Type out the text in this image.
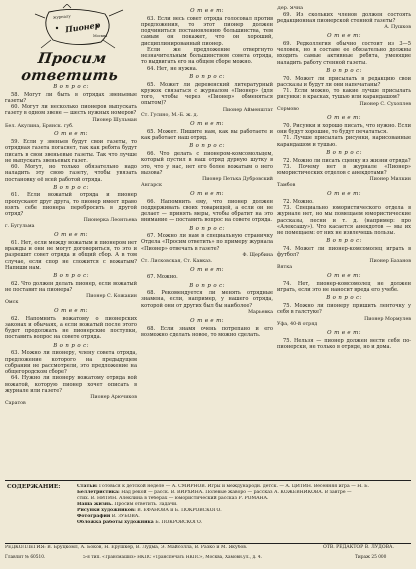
журналу
Пионер
Москва
Просим ответить
В о п р о с:
58. Могут ли быть в отрядах звеньевые газеты?
60. Могут ли несколько пионеров выпускать газету в одном звене — шесть нужных номеров?
Пионер Шульман
Бел. Акулина, Брянск. губ.
О т в е т:
59. Если у звеньев будут свои газеты, то отрядная газета погаснет, так как ребята будут писать в свои звеньевые газеты. Так что лучше не выпускать звеньевых газет.
60. Могут, но только обязательно надо наладить эту свою газету, чтобы увязать постановку её всей работой отряда.
В о п р о с:
61. Если вожатый отряда и пионер пропускают друг друга, то пионер имеет право взять себе пионера перебросить в другой отряд?
Пионерка Леонтьева
г. Бугульма
О т в е т:
61. Нет, если между вожатым и пионером нет вражды и они не могут договориться, то это и разрешит совет отряда и общий сбор. А в том случае, если спор не сложится с вожатым? Напиши нам.
В о п р о с:
62. Что должен делать пионер, если вожатый не поставит на пионера?
Пионер С. Кожакин
Омск
О т в е т:
62. Напомнить вожатому о пионерских законах и обычаях, а если вожатый после этого будет продолжать не пионерские поступки, поставить вопрос на совете отряда.
В о п р о с:
63. Можно ли пионеру, члену совета отряда, предложение которого на предыдущем собрании не рассмотрели, это предложение на общегородском сборе?
64. Нужно ли пионеру вожатому отряда вой вожатой, которую пионер хочет описать в журнале или газете?
Пионер Арючиков
Саратов
О т в е т:
63. Если весь совет отряда голосовал против предложения, то этот пионер должен подчиниться постановлению большинства, тем самым он покажет, что он хороший, дисциплинированный пионер.
Если же предложение отвергнуто незначительным большинством совета отряда, то выдвигать его на общем сборе можно.
64. Нет, не нужна.
В о п р о с:
65. Может ли деревенский литературный кружок связаться с журналом «Пионер» (для того, чтобы через «Пионер» обменяться опытом)?
Пионер Айменштат
Ст. Гусино, М.-Б. ж. д.
О т в е т:
65. Может. Пишите нам, как вы работаете и как работает наш отряд.
В о п р о с:
66. Что делать с пионером-комсомольцем, который пустил в наш отряд дурную шутку в это, что у нас, нет его более вожатым о него вызова?
Пионер Петька Дубровский
Ангарск
О т в е т:
66. Напомнить ему, что пионер должен поддерживать своих товарищей, а если он не делает — принять меры, чтобы обратит на это внимание — поставить вопрос на совете отряда.
В о п р о с:
67. Можно ли нам в специальную страничку Отдела «Просим ответить» по примеру журнала «Пионер» отвечать в газете?
Ф. Щербина
Ст. Лисковская, Ст. Кавказ.
О т в е т:
67. Можно.
В о п р о с:
68. Рекомендуется ли менять отрядные знамена, если, например, у нашего отряда, которой они от других был бы наиболее?
Марьевка
О т в е т:
68. Если знамя очень потрепано и его возможно сделать новое, то можно сделать.
Дер. Ячна
69. Из скольких членов должен состоять редакционная пионерской стенной газеты?
А. Пушков
О т в е т:
69. Редколлегия обычно состоит из 3—5 человек, но в составе ее обязательно должны входить самые активные ребята, умеющие наладить работу стенной газеты.
В о п р о с:
70. Может ли присылать в редакцию свои рассказы и будут ли они напечатаны?
71. Если можно, то какие лучше присылать рисунки: в красках, тушью или карандашом?
Пионер С. Сухоплев
Сормово
О т в е т:
70. Рисунки и хорошо писать, что нужно. Если они будут хорошие, то будут печататься.
71. Лучше присылать рисунки, нарисованные карандашом и тушью.
В о п р о с:
72. Можно ли писать сценку из жизни отряда?
73. Почему нет в журнале «Пионер» юмористических отделов с анекдотами?
Пионер Милкин
Тамбов
О т в е т:
72. Можно.
73. Специально юмористического отдела в журнале нет, но мы помещаем юмористические рассказы, песни и т. д. (например: про «Алексашу»). Что касается анекдотов — мы их не помещаем: от них не извлечешь пользы.
В о п р о с:
74. Может ли пионер-комсомолец играть в футбол?
Пионер Базанов
Вятка
О т в е т:
74. Нет, пионер-комсомолец не должен играть, если это не наносит вреда его учебе.
В о п р о с:
75. Можно ли пионеру пришить ленточку у себя в галстуке?
Пионер Мормулев
Уфа, 40-й отряд
О т в е т:
75. Нельзя — пионер должен вести себя по-пионерски, не только в отряде, но и дома.
СОДЕРЖАНИЕ:	Статьи: Готовься к детской неделе — А. СМИРНОВ. Игры и международн. детск. — А. ЦИТИН. Весенняя игра — Н. Б.
Беллетристика: Над рекой — расск. В. ВИРХИНА. Полевые жаворо — рассказ А. КОЖЕВНИКОВА. В завтре —
стих. В. НИТИН. Алеклина в теберах — юмористический рассказ Р. РОМАНА.
Наша жизнь. Просим ответить. Задачи.
Рисунки художников: В. ЕФАНОВА и Б. ПОКРОВСКОГО.
Фотографии В. ЗУБОВА.
Обложка работы художника Б. ПОКРОВСКОГО.
РЕДКОЛЛЕГИЯ: В. Бруцкомл, А. Боков, Н. Ерушкер, В. Лудма, Э. Майсолла, В. Разко и М. Якубов.	ОТВ. РЕДАКТОР В. ЛУДОВА.
Главлит № 60510.	5-я тип. «Трансмашиз» НКПС «Транспечать НКПС», Москва, Хамовн.ул., д. 4.	Тираж 25 000
